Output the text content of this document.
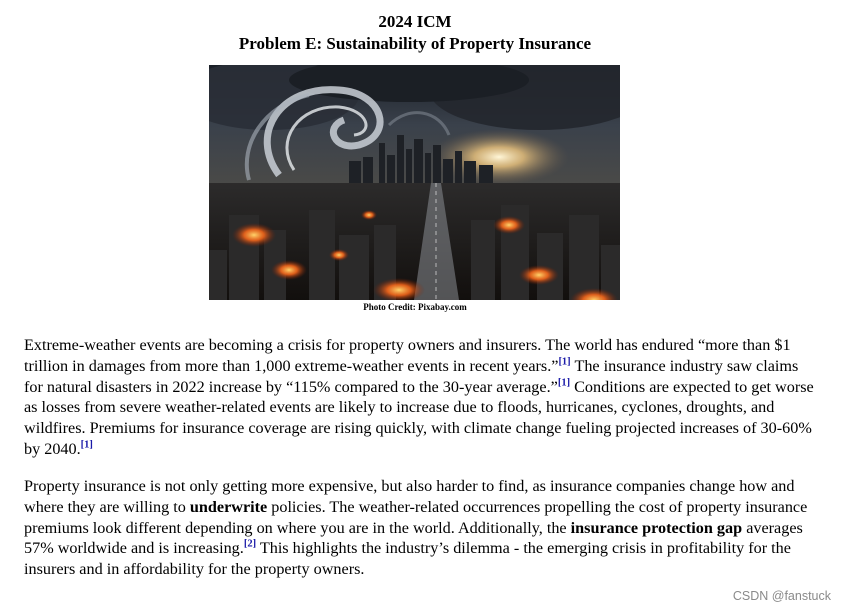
2024 ICM
Problem E: Sustainability of Property Insurance
Photo Credit: Pixabay.com

Extreme-weather events are becoming a crisis for property owners and insurers. The world has endured “more than $1 trillion in damages from more than 1,000 extreme-weather events in recent years.”[1] The insurance industry saw claims for natural disasters in 2022 increase by “115% compared to the 30-year average.”[1] Conditions are expected to get worse as losses from severe weather-related events are likely to increase due to floods, hurricanes, cyclones, droughts, and wildfires. Premiums for insurance coverage are rising quickly, with climate change fueling projected increases of 30-60% by 2040.[1]

Property insurance is not only getting more expensive, but also harder to find, as insurance companies change how and where they are willing to underwrite policies. The weather-related occurrences propelling the cost of property insurance premiums look different depending on where you are in the world. Additionally, the insurance protection gap averages 57% worldwide and is increasing.[2] This highlights the industry’s dilemma - the emerging crisis in profitability for the insurers and in affordability for the property owners.

CSDN @fanstuck
